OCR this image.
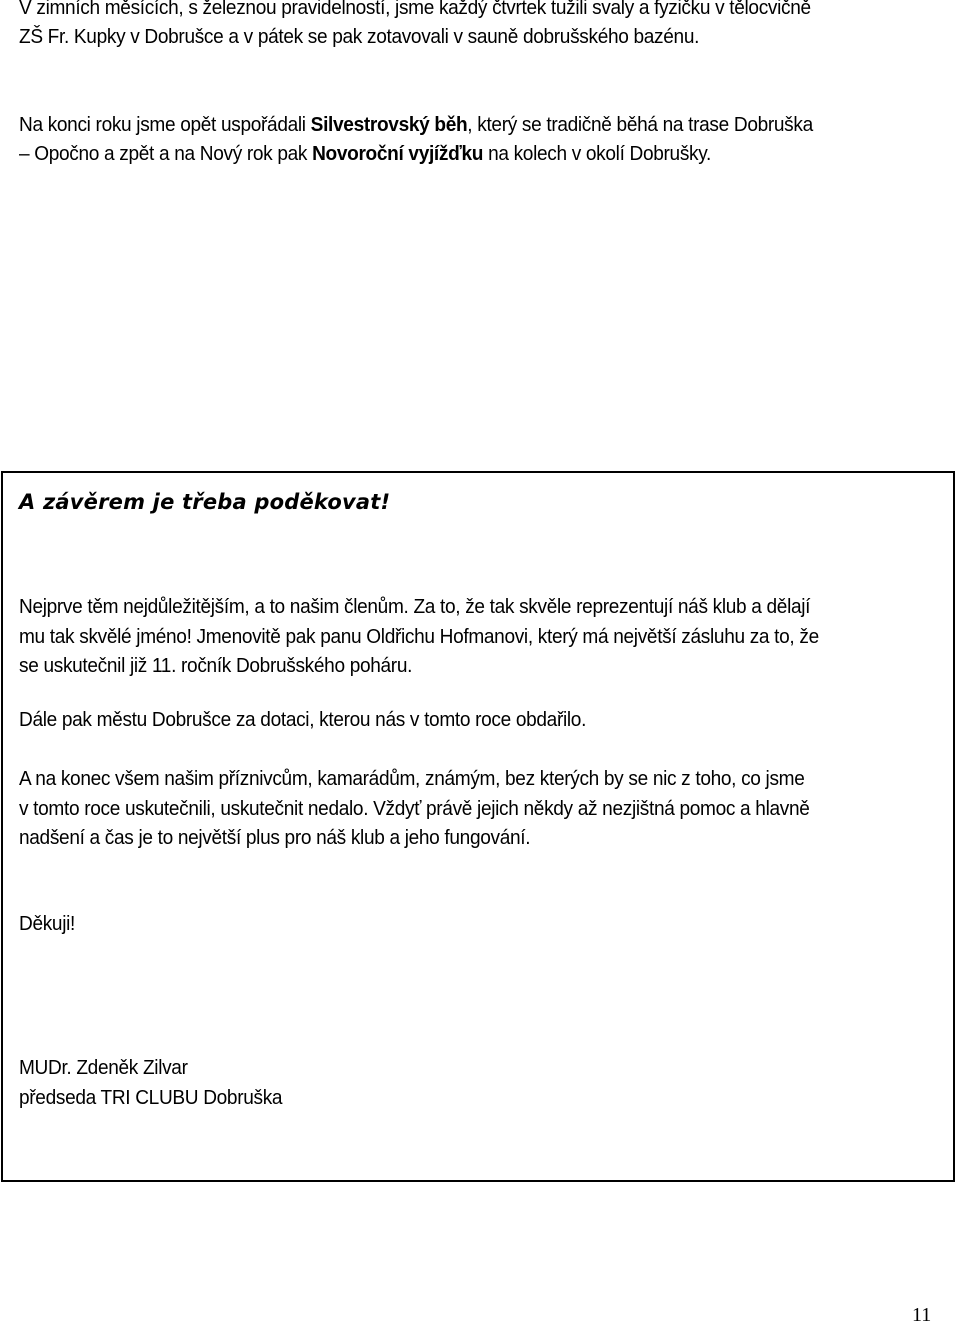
V zimních měsících, s železnou pravidelností, jsme každý čtvrtek tužili svaly a fyzičku v tělocvičně
ZŠ Fr. Kupky v Dobrušce a v pátek se pak zotavovali v sauně dobrušského bazénu.

Na konci roku jsme opět uspořádali Silvestrovský běh, který se tradičně běhá na trase Dobruška
– Opočno a zpět a na Nový rok pak Novoroční vyjížďku na kolech v okolí Dobrušky.

A závěrem je třeba poděkovat!

Nejprve těm nejdůležitějším, a to našim členům. Za to, že tak skvěle reprezentují náš klub a dělají
mu tak skvělé jméno! Jmenovitě pak panu Oldřichu Hofmanovi, který má největší zásluhu za to, že
se uskutečnil již 11. ročník Dobrušského poháru.

Dále pak městu Dobrušce za dotaci, kterou nás v tomto roce obdařilo.

A na konec všem našim příznivcům, kamarádům, známým, bez kterých by se nic z toho, co jsme
v tomto roce uskutečnili, uskutečnit nedalo. Vždyť právě jejich někdy až nezjištná pomoc a hlavně
nadšení a čas je to největší plus pro náš klub a jeho fungování.

Děkuji!

MUDr. Zdeněk Zilvar
předseda TRI CLUBU Dobruška

11
